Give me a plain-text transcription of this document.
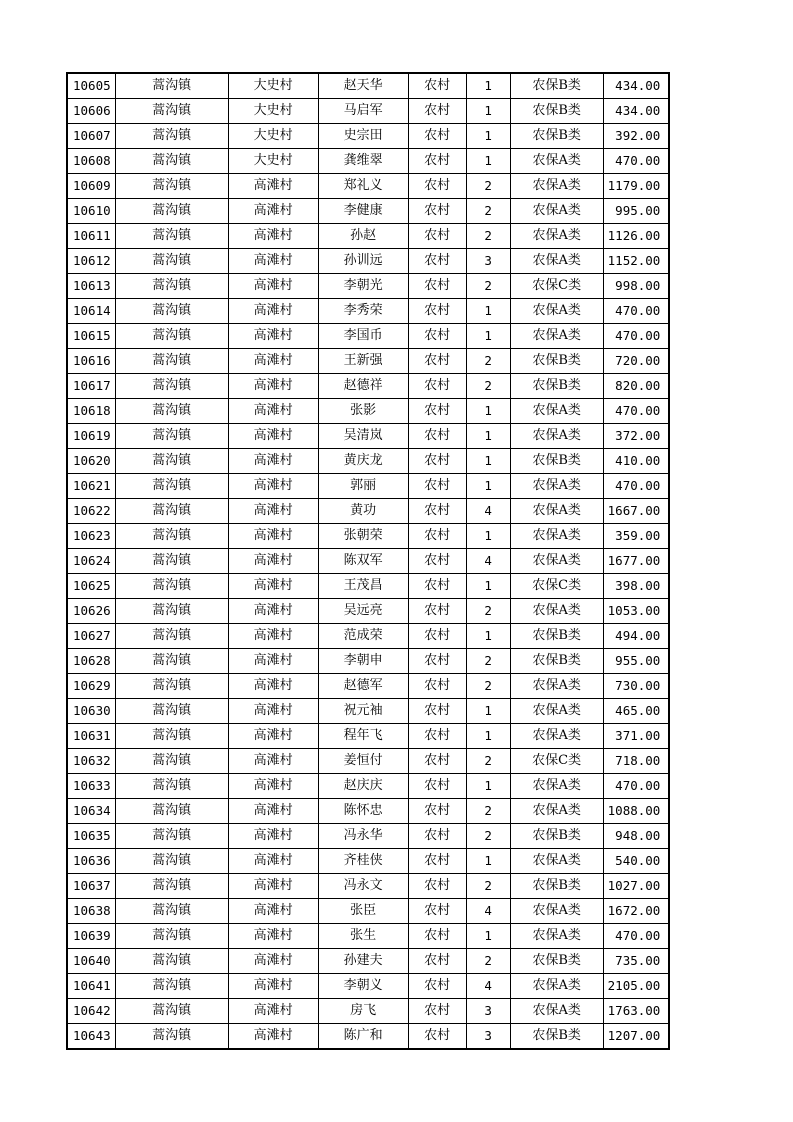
10605	蒿沟镇	大史村	赵天华	农村	1	农保B类	434.00
10606	蒿沟镇	大史村	马启军	农村	1	农保B类	434.00
10607	蒿沟镇	大史村	史宗田	农村	1	农保B类	392.00
10608	蒿沟镇	大史村	龚维翠	农村	1	农保A类	470.00
10609	蒿沟镇	高滩村	郑礼义	农村	2	农保A类	1179.00
10610	蒿沟镇	高滩村	李健康	农村	2	农保A类	995.00
10611	蒿沟镇	高滩村	孙赵	农村	2	农保A类	1126.00
10612	蒿沟镇	高滩村	孙训远	农村	3	农保A类	1152.00
10613	蒿沟镇	高滩村	李朝光	农村	2	农保C类	998.00
10614	蒿沟镇	高滩村	李秀荣	农村	1	农保A类	470.00
10615	蒿沟镇	高滩村	李国币	农村	1	农保A类	470.00
10616	蒿沟镇	高滩村	王新强	农村	2	农保B类	720.00
10617	蒿沟镇	高滩村	赵德祥	农村	2	农保B类	820.00
10618	蒿沟镇	高滩村	张影	农村	1	农保A类	470.00
10619	蒿沟镇	高滩村	吴清岚	农村	1	农保A类	372.00
10620	蒿沟镇	高滩村	黄庆龙	农村	1	农保B类	410.00
10621	蒿沟镇	高滩村	郭丽	农村	1	农保A类	470.00
10622	蒿沟镇	高滩村	黄功	农村	4	农保A类	1667.00
10623	蒿沟镇	高滩村	张朝荣	农村	1	农保A类	359.00
10624	蒿沟镇	高滩村	陈双军	农村	4	农保A类	1677.00
10625	蒿沟镇	高滩村	王茂昌	农村	1	农保C类	398.00
10626	蒿沟镇	高滩村	吴远亮	农村	2	农保A类	1053.00
10627	蒿沟镇	高滩村	范成荣	农村	1	农保B类	494.00
10628	蒿沟镇	高滩村	李朝申	农村	2	农保B类	955.00
10629	蒿沟镇	高滩村	赵德军	农村	2	农保A类	730.00
10630	蒿沟镇	高滩村	祝元袖	农村	1	农保A类	465.00
10631	蒿沟镇	高滩村	程年飞	农村	1	农保A类	371.00
10632	蒿沟镇	高滩村	姜恒付	农村	2	农保C类	718.00
10633	蒿沟镇	高滩村	赵庆庆	农村	1	农保A类	470.00
10634	蒿沟镇	高滩村	陈怀忠	农村	2	农保A类	1088.00
10635	蒿沟镇	高滩村	冯永华	农村	2	农保B类	948.00
10636	蒿沟镇	高滩村	齐桂侠	农村	1	农保A类	540.00
10637	蒿沟镇	高滩村	冯永文	农村	2	农保B类	1027.00
10638	蒿沟镇	高滩村	张臣	农村	4	农保A类	1672.00
10639	蒿沟镇	高滩村	张生	农村	1	农保A类	470.00
10640	蒿沟镇	高滩村	孙建夫	农村	2	农保B类	735.00
10641	蒿沟镇	高滩村	李朝义	农村	4	农保A类	2105.00
10642	蒿沟镇	高滩村	房飞	农村	3	农保A类	1763.00
10643	蒿沟镇	高滩村	陈广和	农村	3	农保B类	1207.00
